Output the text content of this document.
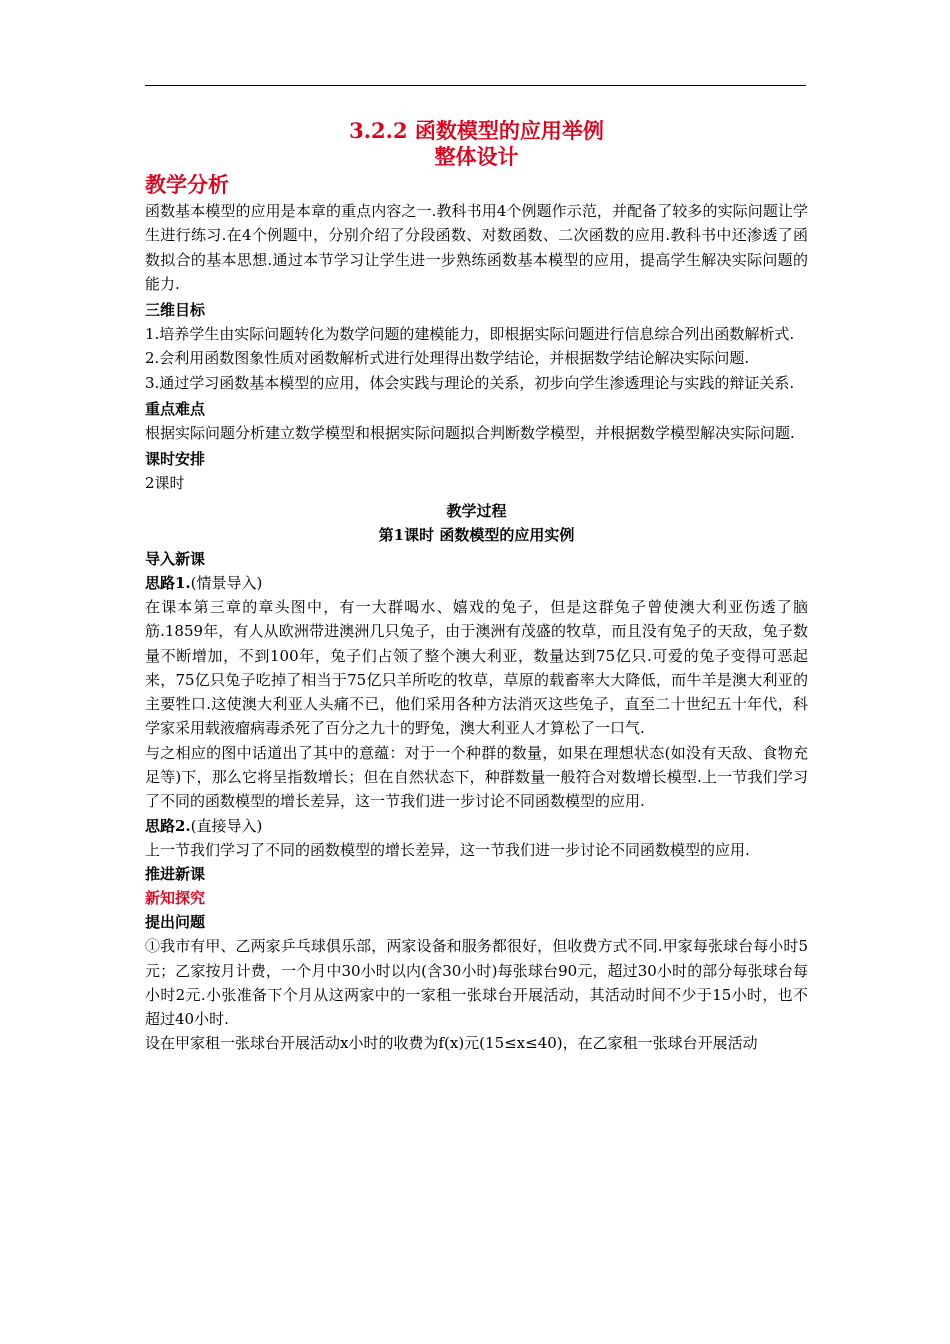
3.2.2 函数模型的应用举例
整体设计
教学分析

函数基本模型的应用是本章的重点内容之一.教科书用4个例题作示范，并配备了较多的实际问题让学生进行练习.在4个例题中，分别介绍了分段函数、对数函数、二次函数的应用.教科书中还渗透了函数拟合的基本思想.通过本节学习让学生进一步熟练函数基本模型的应用，提高学生解决实际问题的能力.

三维目标

1.培养学生由实际问题转化为数学问题的建模能力，即根据实际问题进行信息综合列出函数解析式.

2.会利用函数图象性质对函数解析式进行处理得出数学结论，并根据数学结论解决实际问题.

3.通过学习函数基本模型的应用，体会实践与理论的关系，初步向学生渗透理论与实践的辩证关系.

重点难点

根据实际问题分析建立数学模型和根据实际问题拟合判断数学模型，并根据数学模型解决实际问题.

课时安排

2课时

教学过程
第1课时 函数模型的应用实例
导入新课

思路1.(情景导入)

在课本第三章的章头图中，有一大群喝水、嬉戏的兔子，但是这群兔子曾使澳大利亚伤透了脑筋.1859年，有人从欧洲带进澳洲几只兔子，由于澳洲有茂盛的牧草，而且没有兔子的天敌，兔子数量不断增加，不到100年，兔子们占领了整个澳大利亚，数量达到75亿只.可爱的兔子变得可恶起来，75亿只兔子吃掉了相当于75亿只羊所吃的牧草，草原的载畜率大大降低，而牛羊是澳大利亚的主要牲口.这使澳大利亚人头痛不已，他们采用各种方法消灭这些兔子，直至二十世纪五十年代，科学家采用载液瘤病毒杀死了百分之九十的野兔，澳大利亚人才算松了一口气.

与之相应的图中话道出了其中的意蕴：对于一个种群的数量，如果在理想状态(如没有天敌、食物充足等)下，那么它将呈指数增长；但在自然状态下，种群数量一般符合对数增长模型.上一节我们学习了不同的函数模型的增长差异，这一节我们进一步讨论不同函数模型的应用.

思路2.(直接导入)

上一节我们学习了不同的函数模型的增长差异，这一节我们进一步讨论不同函数模型的应用.

推进新课
新知探究
提出问题

①我市有甲、乙两家乒乓球俱乐部，两家设备和服务都很好，但收费方式不同.甲家每张球台每小时5元；乙家按月计费，一个月中30小时以内(含30小时)每张球台90元，超过30小时的部分每张球台每小时2元.小张准备下个月从这两家中的一家租一张球台开展活动，其活动时间不少于15小时，也不超过40小时.

设在甲家租一张球台开展活动x小时的收费为f(x)元(15≤x≤40)，在乙家租一张球台开展活动
